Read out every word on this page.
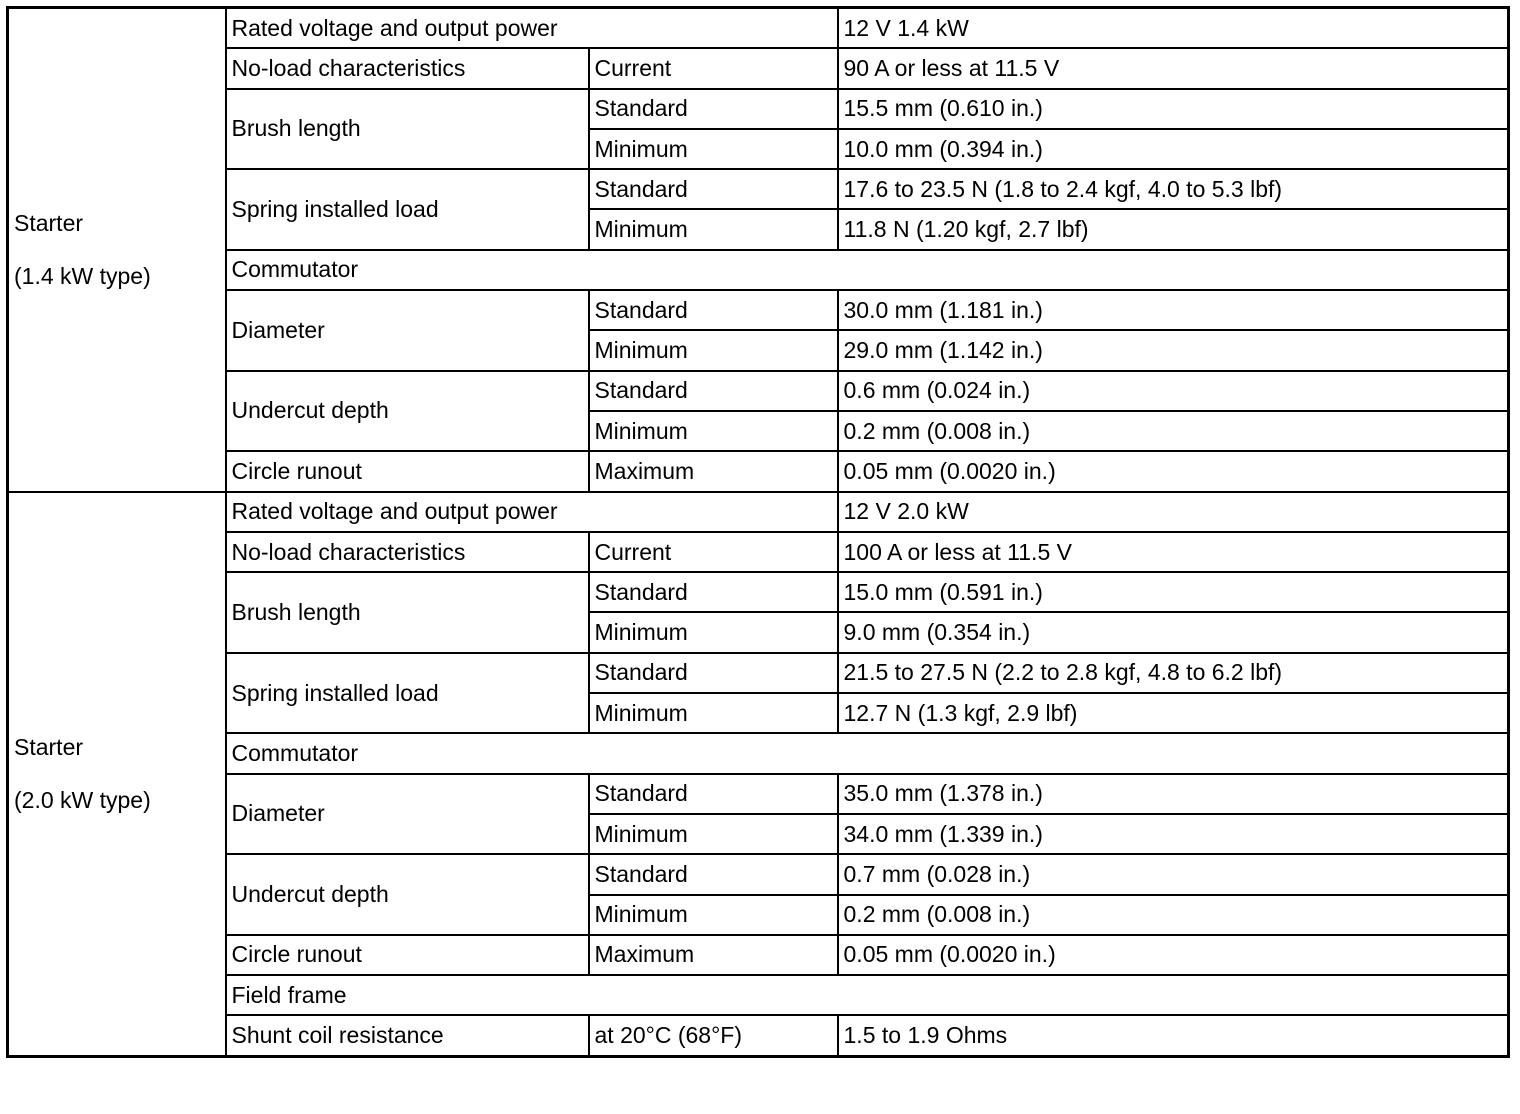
Starter
(1.4 kW type)	Rated voltage and output power		12 V 1.4 kW
	No-load characteristics	Current	90 A or less at 11.5 V
	Brush length	Standard	15.5 mm (0.610 in.)
		Minimum	10.0 mm (0.394 in.)
	Spring installed load	Standard	17.6 to 23.5 N (1.8 to 2.4 kgf, 4.0 to 5.3 lbf)
		Minimum	11.8 N (1.20 kgf, 2.7 lbf)
	Commutator		
	Diameter	Standard	30.0 mm (1.181 in.)
		Minimum	29.0 mm (1.142 in.)
	Undercut depth	Standard	0.6 mm (0.024 in.)
		Minimum	0.2 mm (0.008 in.)
	Circle runout	Maximum	0.05 mm (0.0020 in.)

Starter
(2.0 kW type)	Rated voltage and output power		12 V 2.0 kW
	No-load characteristics	Current	100 A or less at 11.5 V
	Brush length	Standard	15.0 mm (0.591 in.)
		Minimum	9.0 mm (0.354 in.)
	Spring installed load	Standard	21.5 to 27.5 N (2.2 to 2.8 kgf, 4.8 to 6.2 lbf)
		Minimum	12.7 N (1.3 kgf, 2.9 lbf)
	Commutator		
	Diameter	Standard	35.0 mm (1.378 in.)
		Minimum	34.0 mm (1.339 in.)
	Undercut depth	Standard	0.7 mm (0.028 in.)
		Minimum	0.2 mm (0.008 in.)
	Circle runout	Maximum	0.05 mm (0.0020 in.)
	Field frame		
	Shunt coil resistance	at 20°C (68°F)	1.5 to 1.9 Ohms
